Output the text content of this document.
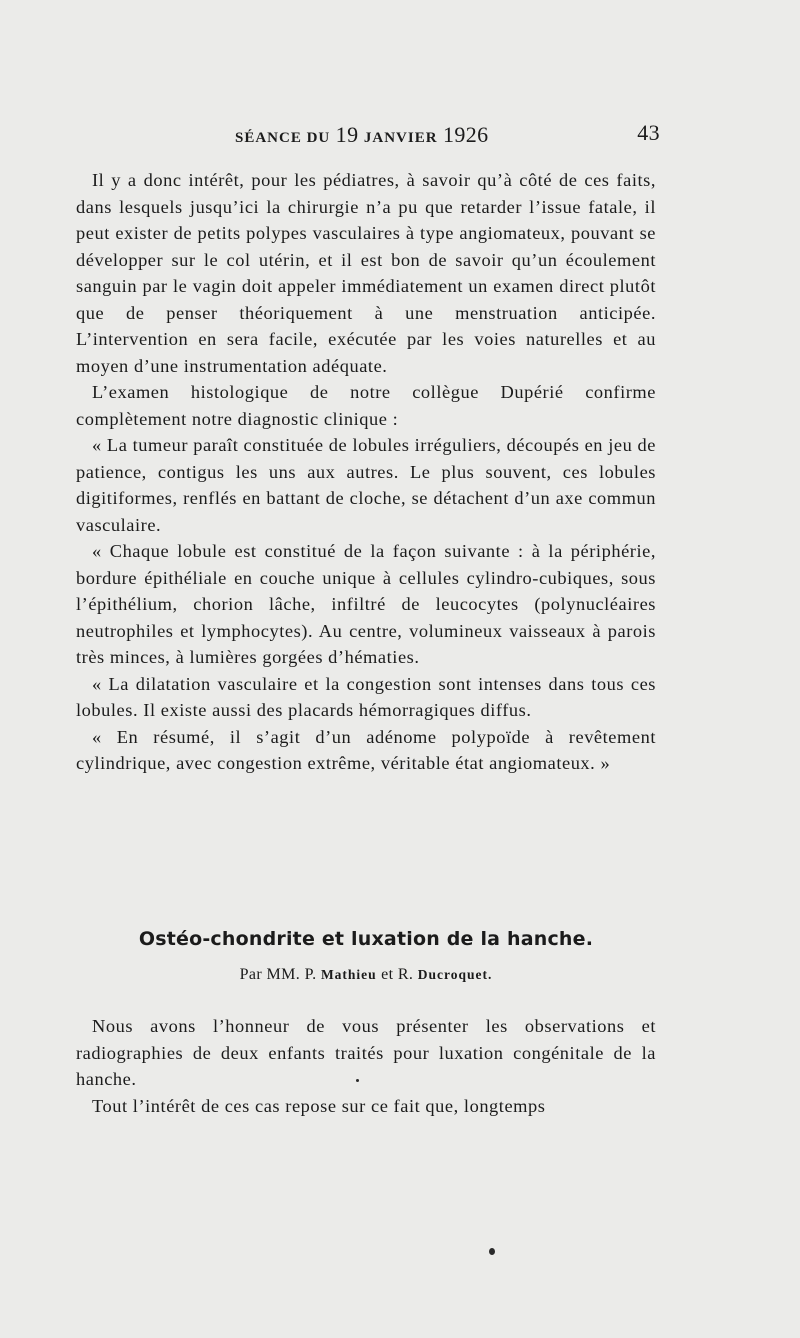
SÉANCE DU 19 JANVIER 1926	43

Il y a donc intérêt, pour les pédiatres, à savoir qu’à côté de ces faits, dans lesquels jusqu’ici la chirurgie n’a pu que retarder l’issue fatale, il peut exister de petits polypes vasculaires à type angiomateux, pouvant se développer sur le col utérin, et il est bon de savoir qu’un écoulement sanguin par le vagin doit appeler immédiatement un examen direct plutôt que de penser théoriquement à une menstruation anticipée. L’intervention en sera facile, exécutée par les voies naturelles et au moyen d’une instrumentation adéquate.

L’examen histologique de notre collègue Dupérié confirme complètement notre diagnostic clinique :

« La tumeur paraît constituée de lobules irréguliers, découpés en jeu de patience, contigus les uns aux autres. Le plus souvent, ces lobules digitiformes, renflés en battant de cloche, se détachent d’un axe commun vasculaire.

« Chaque lobule est constitué de la façon suivante : à la périphérie, bordure épithéliale en couche unique à cellules cylindro-cubiques, sous l’épithélium, chorion lâche, infiltré de leucocytes (polynucléaires neutrophiles et lymphocytes). Au centre, volumineux vaisseaux à parois très minces, à lumières gorgées d’hématies.

« La dilatation vasculaire et la congestion sont intenses dans tous ces lobules. Il existe aussi des placards hémorragiques diffus.

« En résumé, il s’agit d’un adénome polypoïde à revêtement cylindrique, avec congestion extrême, véritable état angiomateux. »

Ostéo-chondrite et luxation de la hanche.
Par MM. P. Mathieu et R. Ducroquet.

Nous avons l’honneur de vous présenter les observations et radiographies de deux enfants traités pour luxation congénitale de la hanche.

Tout l’intérêt de ces cas repose sur ce fait que, longtemps
